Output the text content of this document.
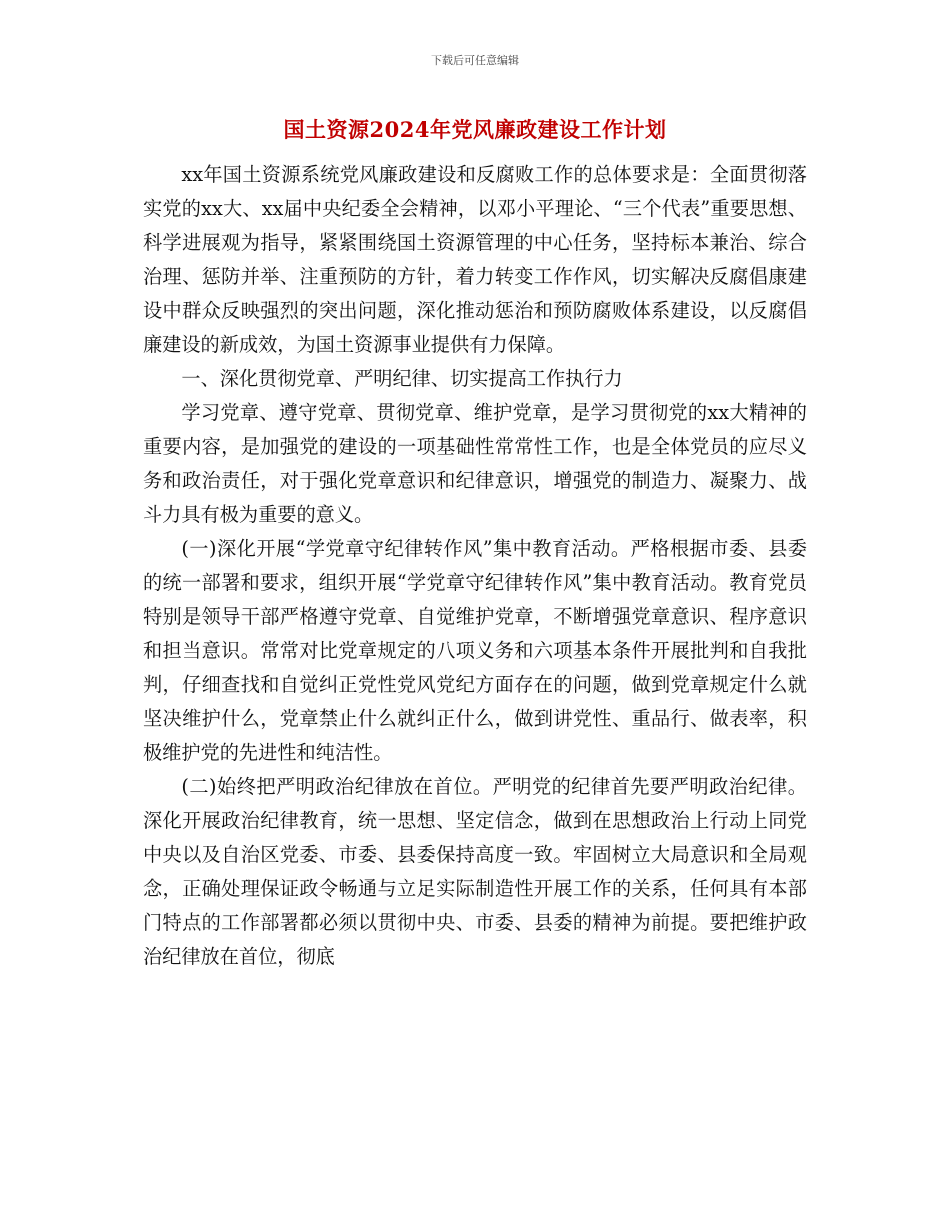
下载后可任意编辑
国土资源2024年党风廉政建设工作计划

xx年国土资源系统党风廉政建设和反腐败工作的总体要求是：全面贯彻落实党的xx大、xx届中央纪委全会精神，以邓小平理论、“三个代表”重要思想、科学进展观为指导，紧紧围绕国土资源管理的中心任务，坚持标本兼治、综合治理、惩防并举、注重预防的方针，着力转变工作作风，切实解决反腐倡康建设中群众反映强烈的突出问题，深化推动惩治和预防腐败体系建设，以反腐倡廉建设的新成效，为国土资源事业提供有力保障。

一、深化贯彻党章、严明纪律、切实提高工作执行力

学习党章、遵守党章、贯彻党章、维护党章，是学习贯彻党的xx大精神的重要内容，是加强党的建设的一项基础性常常性工作，也是全体党员的应尽义务和政治责任，对于强化党章意识和纪律意识，增强党的制造力、凝聚力、战斗力具有极为重要的意义。

(一)深化开展“学党章守纪律转作风”集中教育活动。严格根据市委、县委的统一部署和要求，组织开展“学党章守纪律转作风”集中教育活动。教育党员特别是领导干部严格遵守党章、自觉维护党章，不断增强党章意识、程序意识和担当意识。常常对比党章规定的八项义务和六项基本条件开展批判和自我批判，仔细查找和自觉纠正党性党风党纪方面存在的问题，做到党章规定什么就坚决维护什么，党章禁止什么就纠正什么，做到讲党性、重品行、做表率，积极维护党的先进性和纯洁性。

(二)始终把严明政治纪律放在首位。严明党的纪律首先要严明政治纪律。深化开展政治纪律教育，统一思想、坚定信念，做到在思想政治上行动上同党中央以及自治区党委、市委、县委保持高度一致。牢固树立大局意识和全局观念，正确处理保证政令畅通与立足实际制造性开展工作的关系，任何具有本部门特点的工作部署都必须以贯彻中央、市委、县委的精神为前提。要把维护政治纪律放在首位，彻底
